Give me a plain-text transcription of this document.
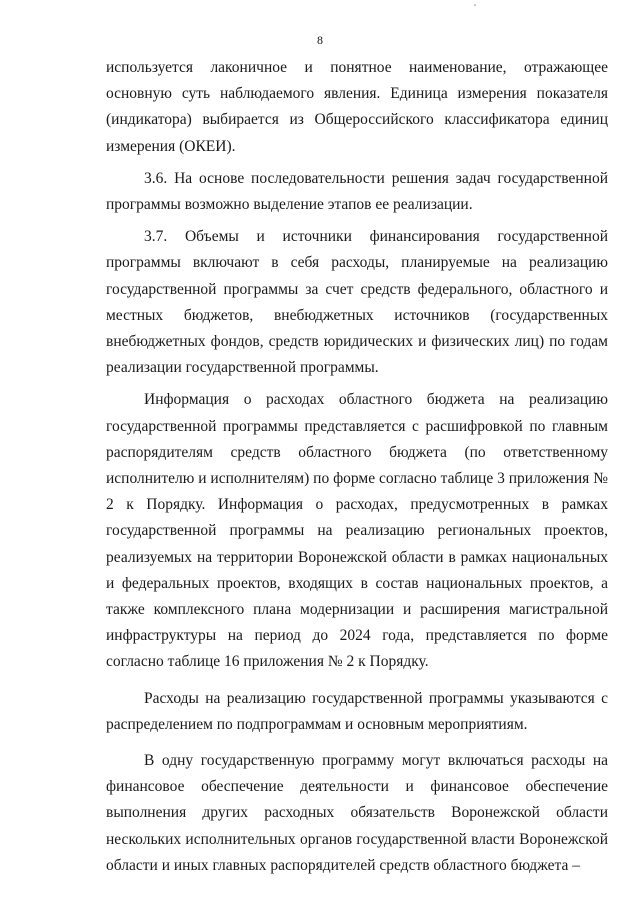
8

используется лаконичное и понятное наименование, отражающее основную суть наблюдаемого явления. Единица измерения показателя (индикатора) выбирается из Общероссийского классификатора единиц измерения (ОКЕИ).

3.6. На основе последовательности решения задач государственной программы возможно выделение этапов ее реализации.

3.7. Объемы и источники финансирования государственной программы включают в себя расходы, планируемые на реализацию государственной программы за счет средств федерального, областного и местных бюджетов, внебюджетных источников (государственных внебюджетных фондов, средств юридических и физических лиц) по годам реализации государственной программы.

Информация о расходах областного бюджета на реализацию государственной программы представляется с расшифровкой по главным распорядителям средств областного бюджета (по ответственному исполнителю и исполнителям) по форме согласно таблице 3 приложения № 2 к Порядку. Информация о расходах, предусмотренных в рамках государственной программы на реализацию региональных проектов, реализуемых на территории Воронежской области в рамках национальных и федеральных проектов, входящих в состав национальных проектов, а также комплексного плана модернизации и расширения магистральной инфраструктуры на период до 2024 года, представляется по форме согласно таблице 16 приложения № 2 к Порядку.

Расходы на реализацию государственной программы указываются с распределением по подпрограммам и основным мероприятиям.

В одну государственную программу могут включаться расходы на финансовое обеспечение деятельности и финансовое обеспечение выполнения других расходных обязательств Воронежской области нескольких исполнительных органов государственной власти Воронежской области и иных главных распорядителей средств областного бюджета –
